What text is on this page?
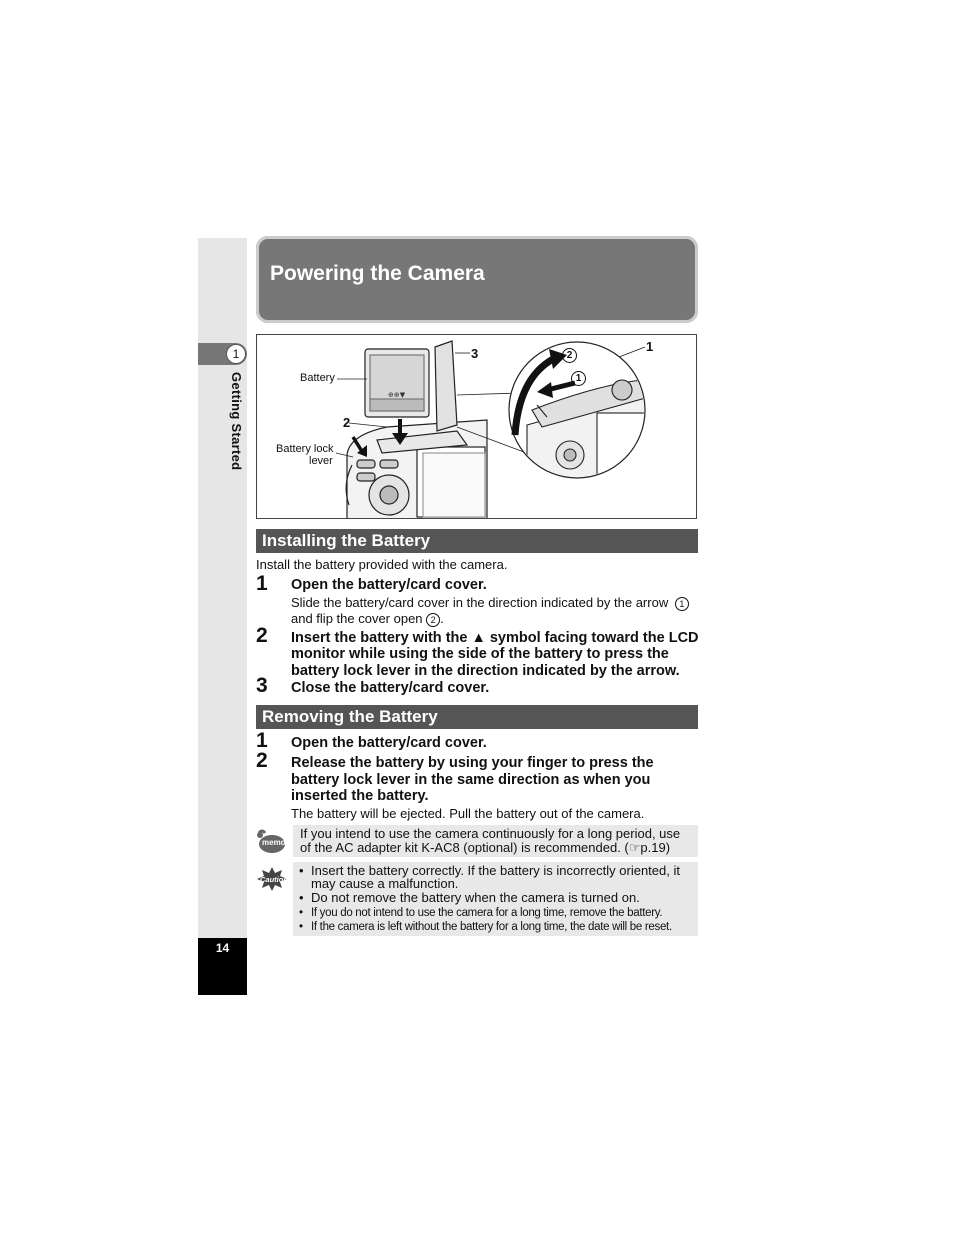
1
Getting Started
14
Powering the Camera
⊕⊕▼
Battery
Battery lock
lever
3
2
1
2
1
Installing the Battery
Install the battery provided with the camera.
1 Open the battery/card cover.
Slide the battery/card cover in the direction indicated by the arrow 1
and flip the cover open 2 .
2 Insert the battery with the ▲ symbol facing toward the LCD
monitor while using the side of the battery to press the
battery lock lever in the direction indicated by the arrow.
3 Close the battery/card cover.
Removing the Battery
1 Open the battery/card cover.
2 Release the battery by using your finger to press the
battery lock lever in the same direction as when you
inserted the battery.
The battery will be ejected. Pull the battery out of the camera.
memo
If you intend to use the camera continuously for a long period, use
of the AC adapter kit K-AC8 (optional) is recommended. (☞p.19)
Caution
• Insert the battery correctly. If the battery is incorrectly oriented, it
may cause a malfunction.
• Do not remove the battery when the camera is turned on.
• If you do not intend to use the camera for a long time, remove the battery.
• If the camera is left without the battery for a long time, the date will be reset.
